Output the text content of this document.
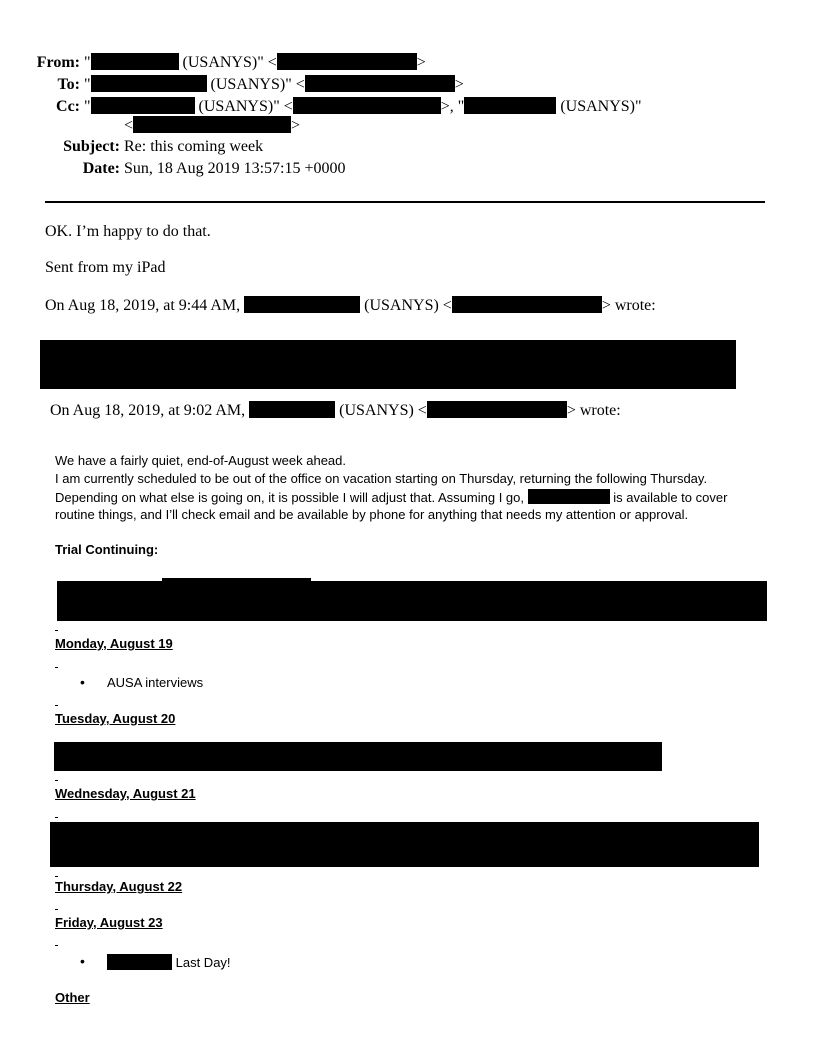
From: "	(USANYS)" <	>
To: "	(USANYS)" <	>
Cc: "	(USANYS)" <	>, "	(USANYS)"
<	>
Subject: Re: this coming week
Date: Sun, 18 Aug 2019 13:57:15 +0000
OK. I’m happy to do that.
Sent from my iPad
On Aug 18, 2019, at 9:44 AM,	(USANYS) <	> wrote:
On Aug 18, 2019, at 9:02 AM,	(USANYS) <	> wrote:
We have a fairly quiet, end-of-August week ahead.
I am currently scheduled to be out of the office on vacation starting on Thursday, returning the following Thursday.
Depending on what else is going on, it is possible I will adjust that. Assuming I go,	is available to cover
routine things, and I’ll check email and be available by phone for anything that needs my attention or approval.
Trial Continuing:
Monday, August 19
• AUSA interviews
Tuesday, August 20
Wednesday, August 21
Thursday, August 22
Friday, August 23
•	Last Day!
Other
